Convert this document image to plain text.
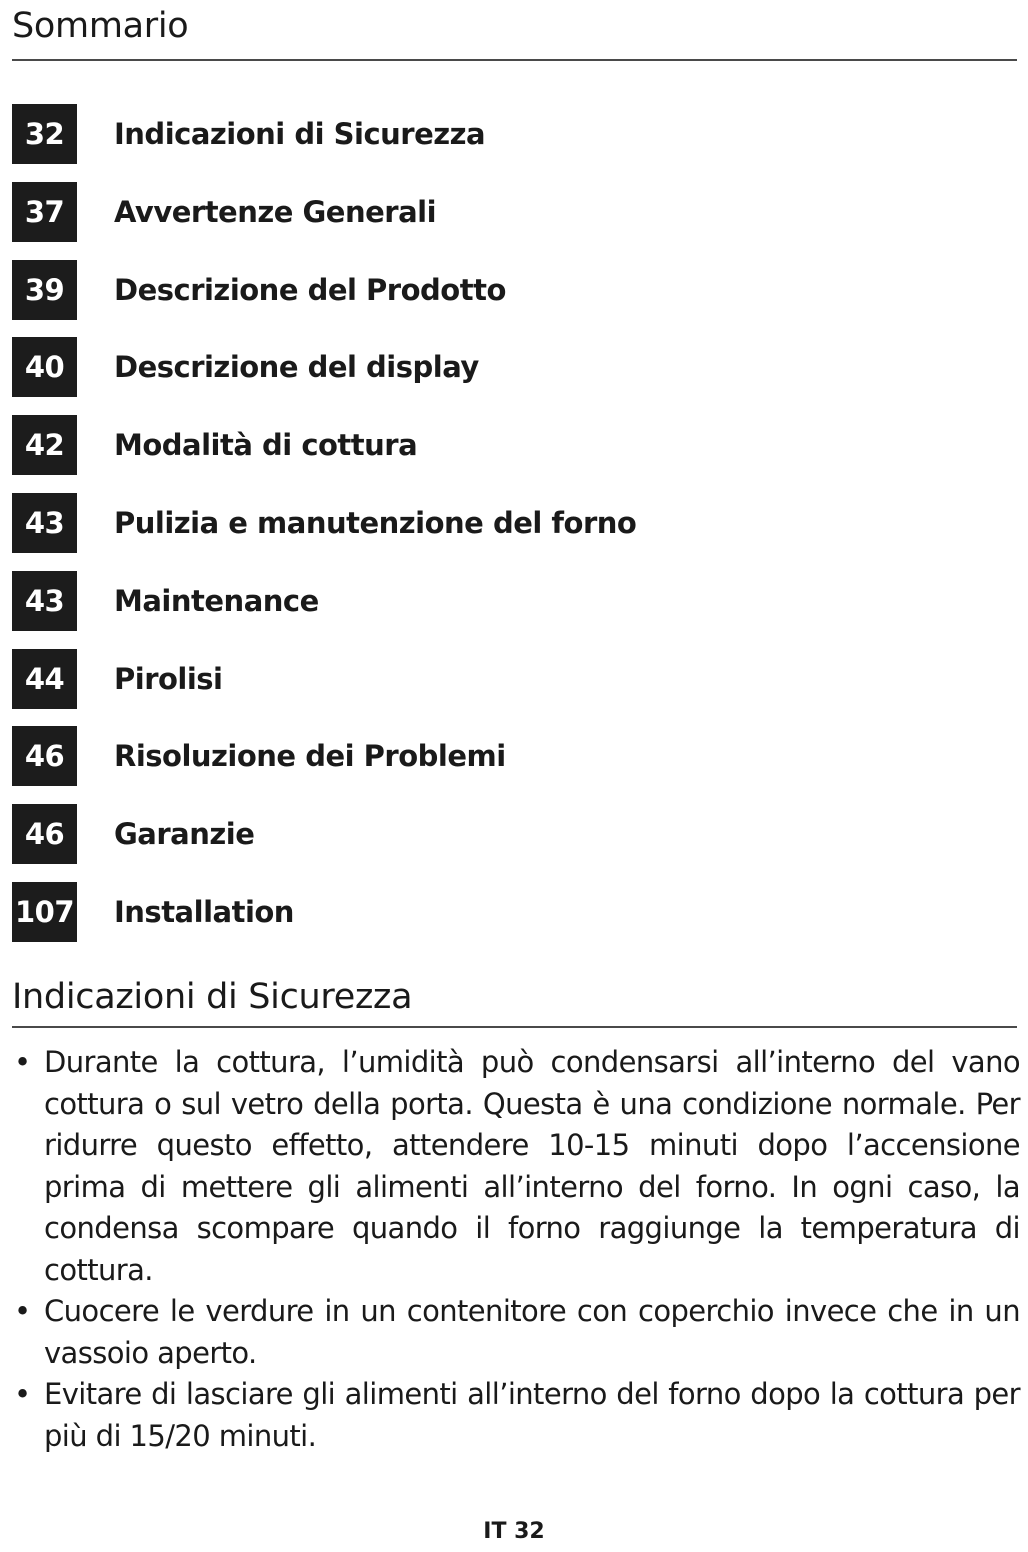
Sommario
32	Indicazioni di Sicurezza
37	Avvertenze Generali
39	Descrizione del Prodotto
40	Descrizione del display
42	Modalità di cottura
43	Pulizia e manutenzione del forno
43	Maintenance
44	Pirolisi
46	Risoluzione dei Problemi
46	Garanzie
107 Installation
Indicazioni di Sicurezza
• Durante la cottura, l’umidità può condensarsi all’interno del vano cottura o sul vetro della porta. Questa è una condizione normale. Per ridurre questo effetto, attendere 10-15 minuti dopo l’accensione prima di mettere gli alimenti all’interno del forno. In ogni caso, la condensa scompare quando il forno raggiunge la temperatura di cottura.
• Cuocere le verdure in un contenitore con coperchio invece che in un vassoio aperto.
• Evitare di lasciare gli alimenti all’interno del forno dopo la cottura per più di 15/20 minuti.
IT 32
